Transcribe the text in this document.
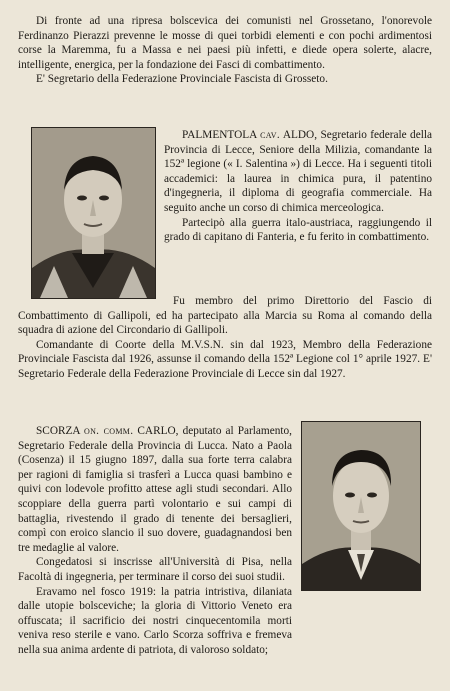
Di fronte ad una ripresa bolscevica dei comunisti nel Grossetano, l'onorevole Ferdinanzo Pierazzi prevenne le mosse di quei torbidi elementi e con pochi ardimentosi corse la Maremma, fu a Massa e nei paesi più infetti, e diede opera solerte, alacre, intelligente, energica, per la fondazione dei Fasci di combattimento.

E' Segretario della Federazione Provinciale Fascista di Grosseto.

PALMENTOLA cav. ALDO, Segretario federale della Provincia di Lecce, Seniore della Milizia, comandante la 152ª legione (« I. Salentina ») di Lecce. Ha i seguenti titoli accademici: la laurea in chimica pura, il patentino d'ingegneria, il diploma di geografia commerciale. Ha seguito anche un corso di chimica merceologica.

Partecipò alla guerra italo-austriaca, raggiungendo il grado di capitano di Fanteria, e fu ferito in combattimento.

Fu membro del primo Direttorio del Fascio di Combattimento di Gallipoli, ed ha partecipato alla Marcia su Roma al comando della squadra di azione del Circondario di Gallipoli.

Comandante di Coorte della M.V.S.N. sin dal 1923, Membro della Federazione Provinciale Fascista dal 1926, assunse il comando della 152ª Legione col 1° aprile 1927. E' Segretario Federale della Federazione Provinciale di Lecce sin dal 1927.

SCORZA on. comm. CARLO, deputato al Parlamento, Segretario Federale della Provincia di Lucca. Nato a Paola (Cosenza) il 15 giugno 1897, dalla sua forte terra calabra per ragioni di famiglia si trasferì a Lucca quasi bambino e quivi con lodevole profitto attese agli studi secondari. Allo scoppiare della guerra partì volontario e sui campi di battaglia, rivestendo il grado di tenente dei bersaglieri, compì con eroico slancio il suo dovere, guadagnandosi ben tre medaglie al valore.

Congedatosi si inscrisse all'Università di Pisa, nella Facoltà di ingegneria, per terminare il corso dei suoi studii.

Eravamo nel fosco 1919: la patria intristiva, dilaniata dalle utopie bolsceviche; la gloria di Vittorio Veneto era offuscata; il sacrificio dei nostri cinquecentomila morti veniva reso sterile e vano. Carlo Scorza soffriva e fremeva nella sua anima ardente di patriota, di valoroso soldato;
